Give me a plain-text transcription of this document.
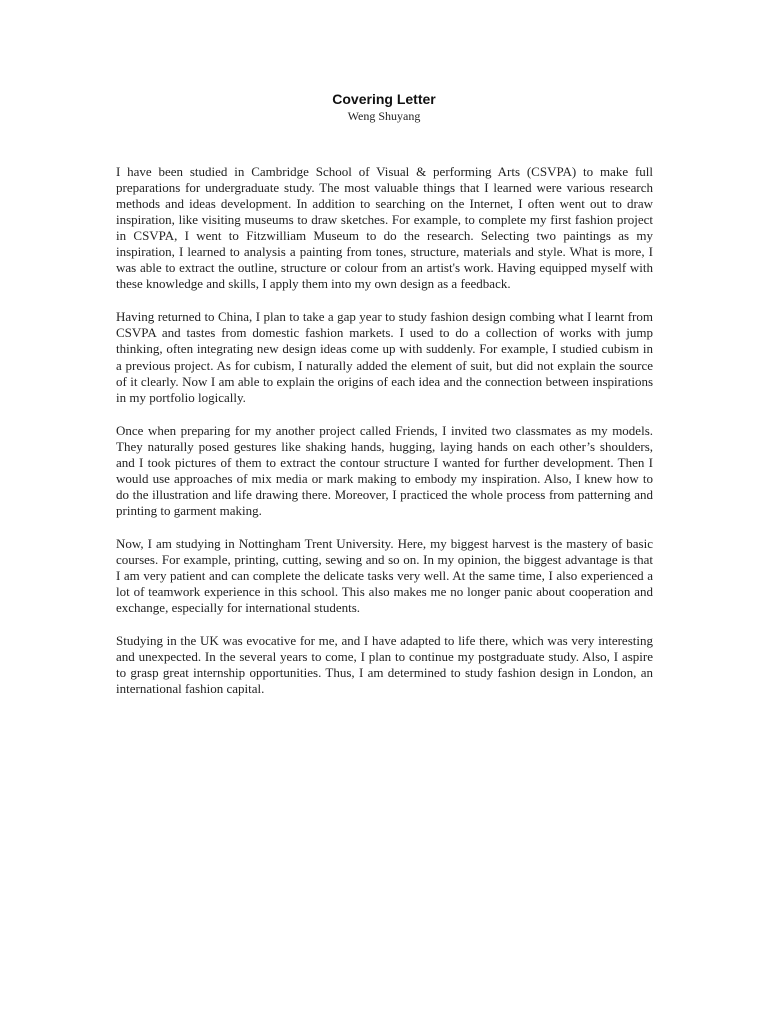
Covering Letter
Weng Shuyang

I have been studied in Cambridge School of Visual & performing Arts (CSVPA) to make full preparations for undergraduate study. The most valuable things that I learned were various research methods and ideas development. In addition to searching on the Internet, I often went out to draw inspiration, like visiting museums to draw sketches. For example, to complete my first fashion project in CSVPA, I went to Fitzwilliam Museum to do the research. Selecting two paintings as my inspiration, I learned to analysis a painting from tones, structure, materials and style. What is more, I was able to extract the outline, structure or colour from an artist's work. Having equipped myself with these knowledge and skills, I apply them into my own design as a feedback.

Having returned to China, I plan to take a gap year to study fashion design combing what I learnt from CSVPA and tastes from domestic fashion markets. I used to do a collection of works with jump thinking, often integrating new design ideas come up with suddenly. For example, I studied cubism in a previous project. As for cubism, I naturally added the element of suit, but did not explain the source of it clearly. Now I am able to explain the origins of each idea and the connection between inspirations in my portfolio logically.

Once when preparing for my another project called Friends, I invited two classmates as my models. They naturally posed gestures like shaking hands, hugging, laying hands on each other’s shoulders, and I took pictures of them to extract the contour structure I wanted for further development. Then I would use approaches of mix media or mark making to embody my inspiration. Also, I knew how to do the illustration and life drawing there. Moreover, I practiced the whole process from patterning and printing to garment making.

Now, I am studying in Nottingham Trent University. Here, my biggest harvest is the mastery of basic courses. For example, printing, cutting, sewing and so on. In my opinion, the biggest advantage is that I am very patient and can complete the delicate tasks very well. At the same time, I also experienced a lot of teamwork experience in this school. This also makes me no longer panic about cooperation and exchange, especially for international students.

Studying in the UK was evocative for me, and I have adapted to life there, which was very interesting and unexpected. In the several years to come, I plan to continue my postgraduate study. Also, I aspire to grasp great internship opportunities. Thus, I am determined to study fashion design in London, an international fashion capital.
